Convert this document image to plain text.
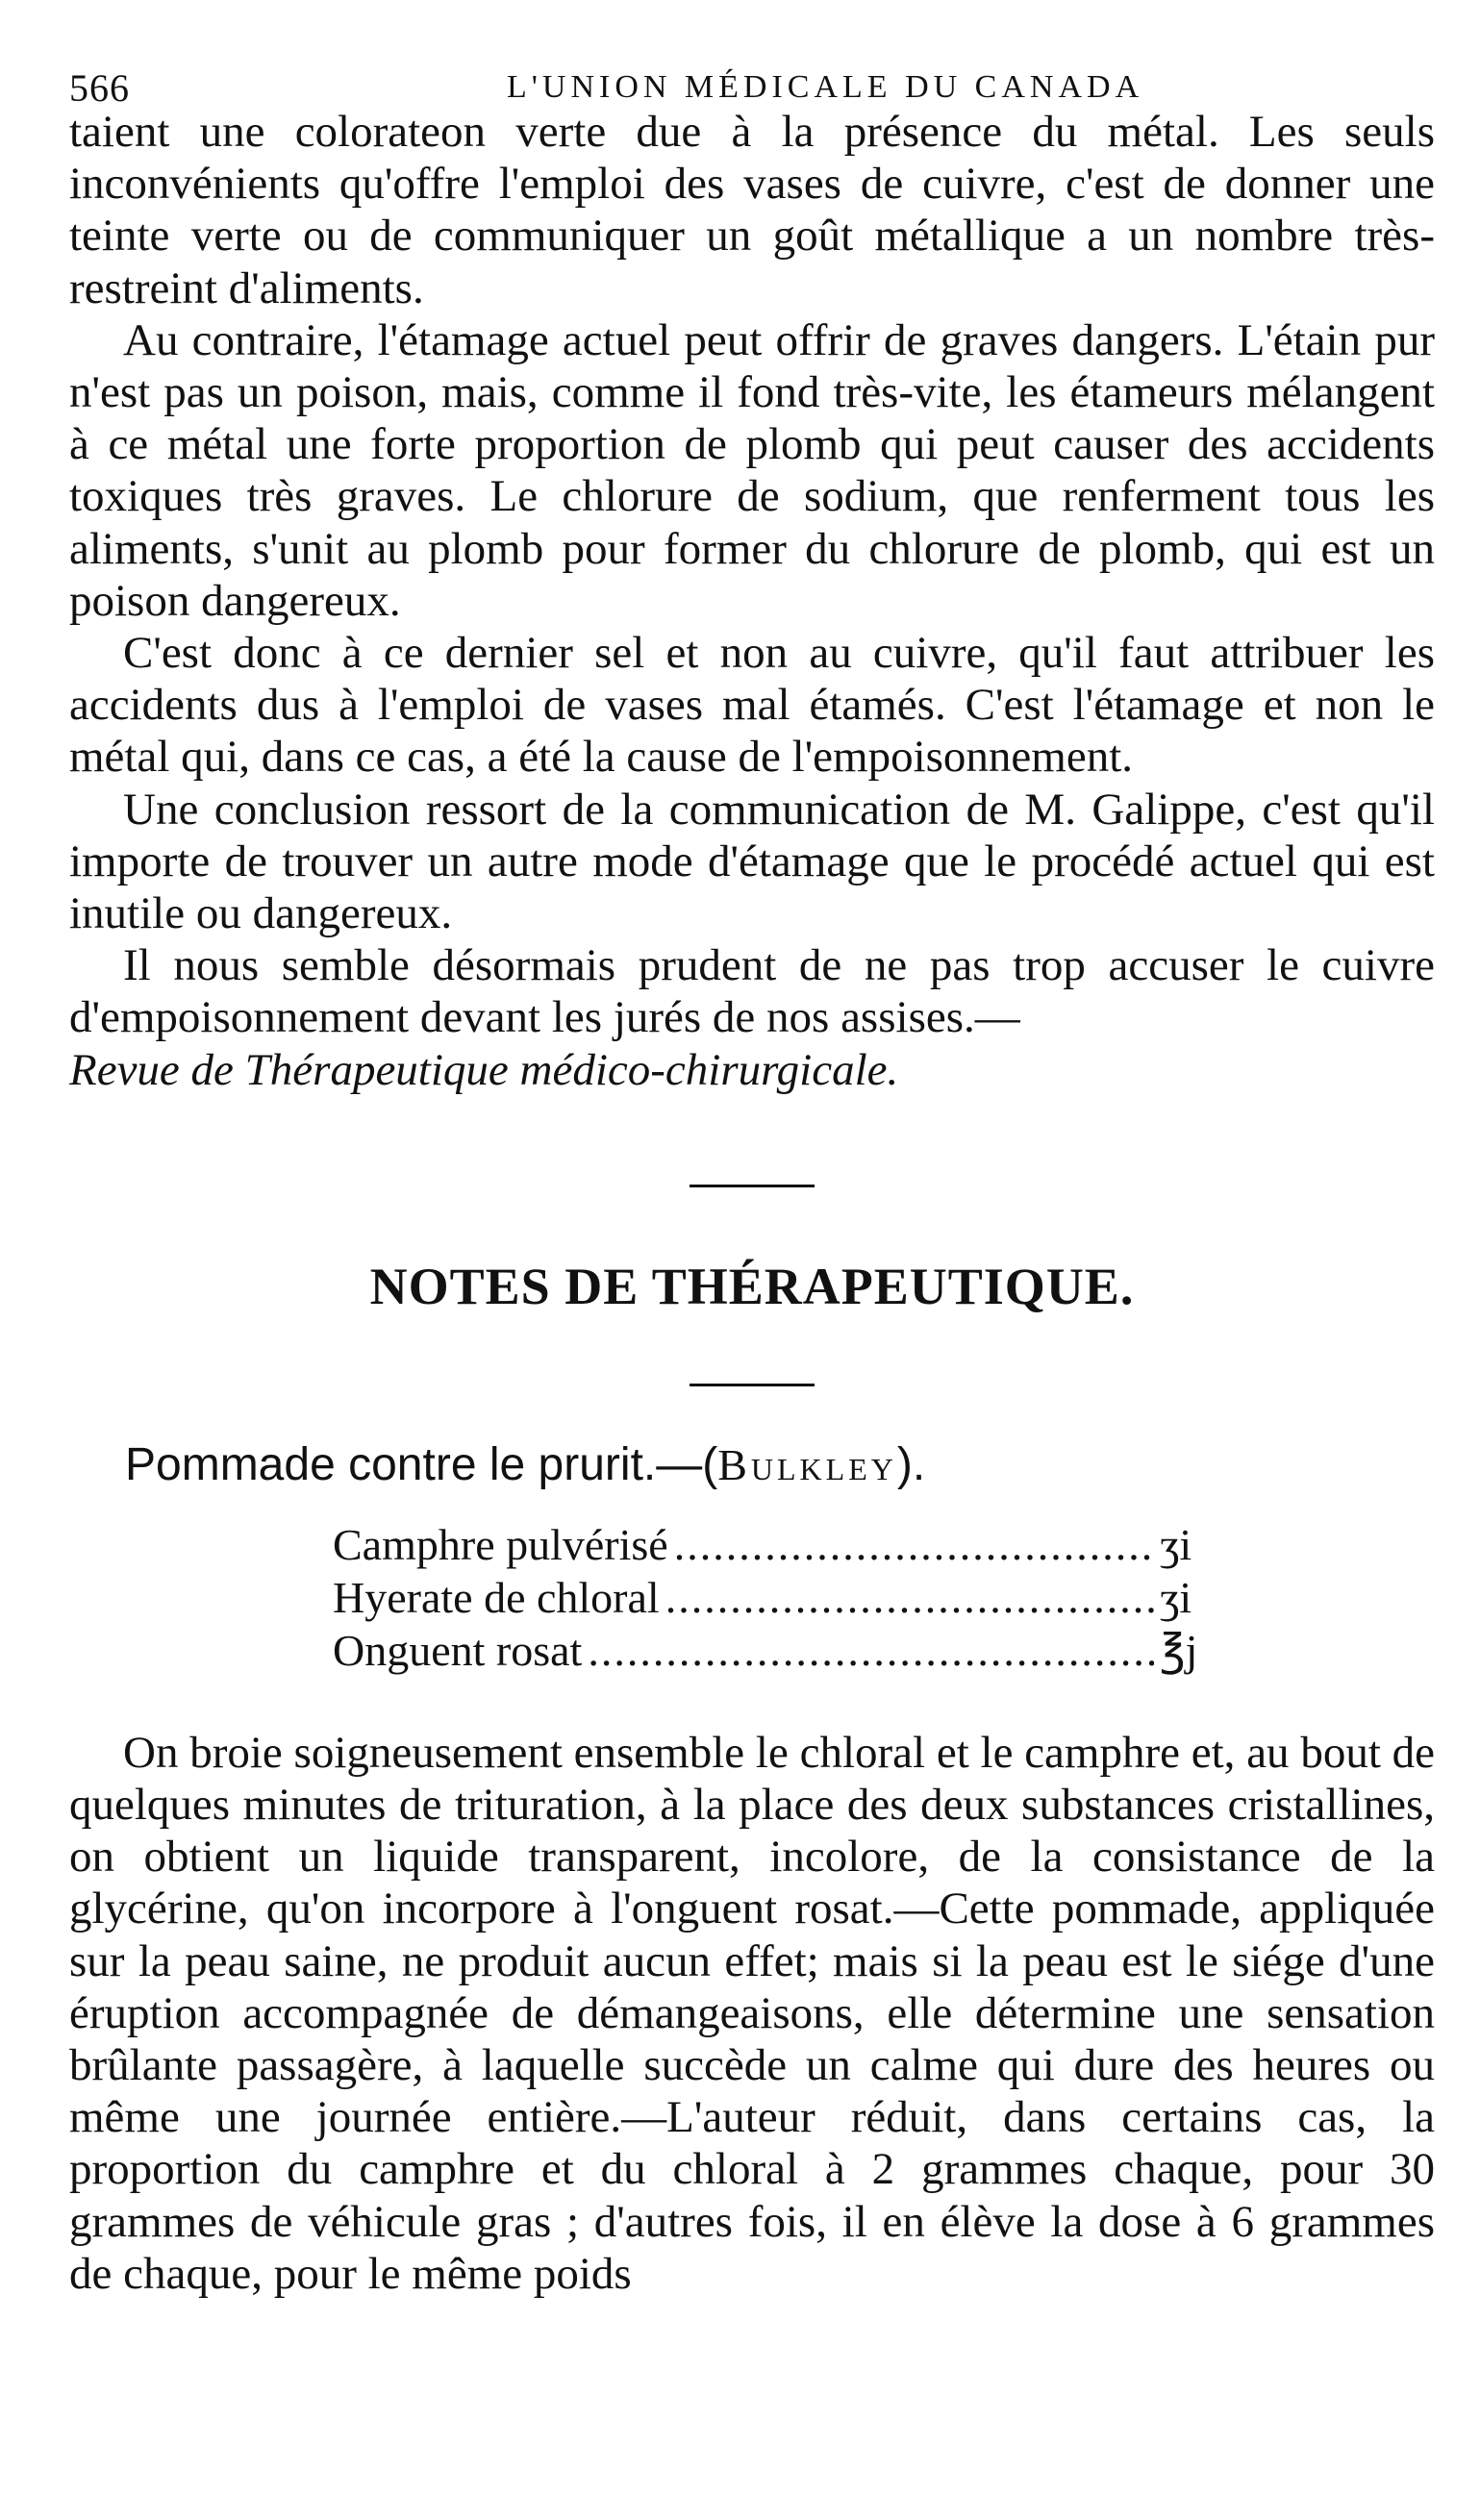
566	L'UNION MÉDICALE DU CANADA

taient une colorateon verte due à la présence du métal. Les seuls inconvénients qu'offre l'emploi des vases de cuivre, c'est de donner une teinte verte ou de communiquer un goût métallique a un nombre très-restreint d'aliments.

Au contraire, l'étamage actuel peut offrir de graves dangers. L'étain pur n'est pas un poison, mais, comme il fond très-vite, les étameurs mélangent à ce métal une forte proportion de plomb qui peut causer des accidents toxiques très graves. Le chlorure de sodium, que renferment tous les aliments, s'unit au plomb pour former du chlorure de plomb, qui est un poison dangereux.

C'est donc à ce dernier sel et non au cuivre, qu'il faut attribuer les accidents dus à l'emploi de vases mal étamés. C'est l'étamage et non le métal qui, dans ce cas, a été la cause de l'empoisonnement.

Une conclusion ressort de la communication de M. Galippe, c'est qu'il importe de trouver un autre mode d'étamage que le procédé actuel qui est inutile ou dangereux.

Il nous semble désormais prudent de ne pas trop accuser le cuivre d'empoisonnement devant les jurés de nos assises.—

Revue de Thérapeutique médico-chirurgicale.

NOTES DE THÉRAPEUTIQUE.
Pommade contre le prurit.—(Bulkley).
Camphre pulvérisé .....	ʒi
Hyerate de chloral .....	ʒi
Onguent rosat .....	℥j

On broie soigneusement ensemble le chloral et le camphre et, au bout de quelques minutes de trituration, à la place des deux substances cristallines, on obtient un liquide transparent, incolore, de la consistance de la glycérine, qu'on incorpore à l'onguent rosat.—Cette pommade, appliquée sur la peau saine, ne produit aucun effet; mais si la peau est le siége d'une éruption accompagnée de démangeaisons, elle détermine une sensation brûlante passagère, à laquelle succède un calme qui dure des heures ou même une journée entière.—L'auteur réduit, dans certains cas, la proportion du camphre et du chloral à 2 grammes chaque, pour 30 grammes de véhicule gras ; d'autres fois, il en élève la dose à 6 grammes de chaque, pour le même poids
